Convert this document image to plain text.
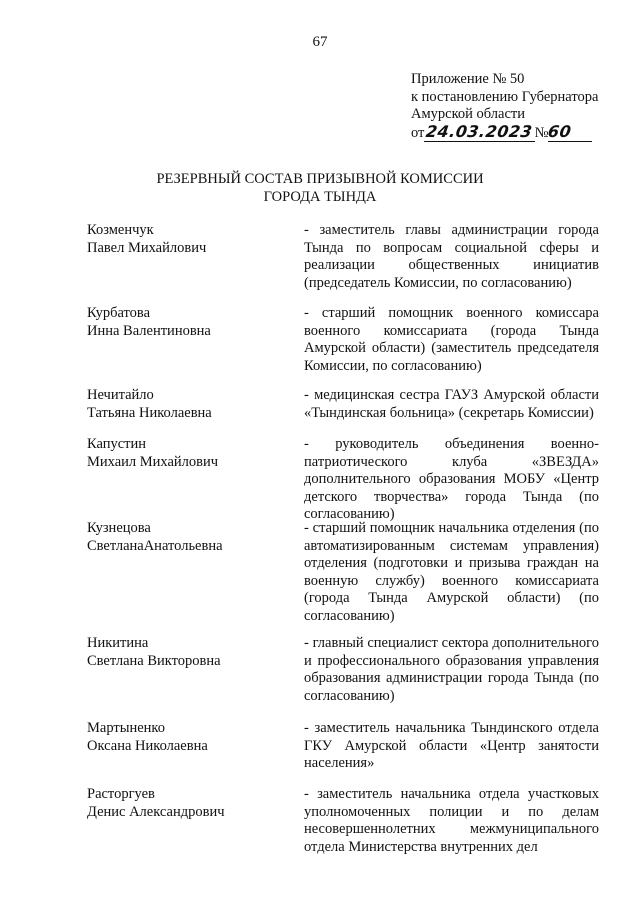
67
Приложение № 50
к постановлению Губернатора
Амурской области
от24.03.2023№60
РЕЗЕРВНЫЙ СОСТАВ ПРИЗЫВНОЙ КОМИССИИ
ГОРОДА ТЫНДА
Козменчук
Павел Михайлович
- заместитель главы администрации города Тында по вопросам социальной сферы и реализации общественных инициатив (председатель Комиссии, по согласованию)
Курбатова
Инна Валентиновна
- старший помощник военного комиссара военного комиссариата (города Тында Амурской области) (заместитель председателя Комиссии, по согласованию)
Нечитайло
Татьяна Николаевна
- медицинская сестра ГАУЗ Амурской области «Тындинская больница» (секретарь Комиссии)
Капустин
Михаил Михайлович
- руководитель объединения военно-патриотического клуба «ЗВЕЗДА» дополнительного образования МОБУ «Центр детского творчества» города Тында (по согласованию)
Кузнецова
СветланаАнатольевна
- старший помощник начальника отделения (по автоматизированным системам управления) отделения (подготовки и призыва граждан на военную службу) военного комиссариата (города Тында Амурской области) (по согласованию)
Никитина
Светлана Викторовна
- главный специалист сектора дополнительного и профессионального образования управления образования администрации города Тында (по согласованию)
Мартыненко
Оксана Николаевна
- заместитель начальника Тындинского отдела ГКУ Амурской области «Центр занятости населения»
Расторгуев
Денис Александрович
- заместитель начальника отдела участковых уполномоченных полиции и по делам несовершеннолетних межмуниципального отдела Министерства внутренних дел
